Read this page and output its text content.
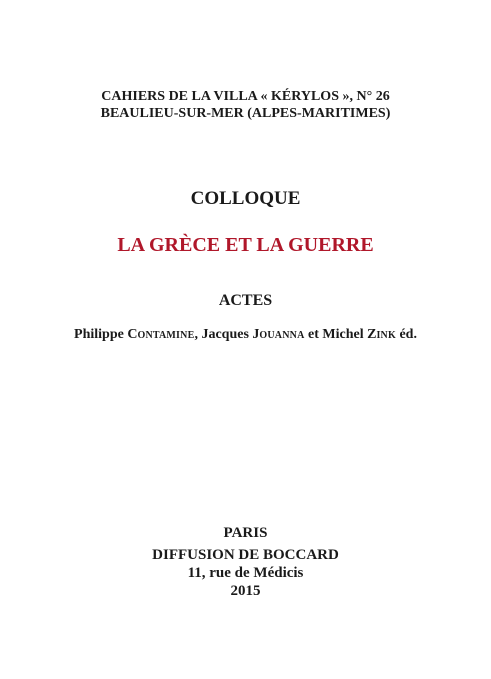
CAHIERS DE LA VILLA « KÉRYLOS », N° 26
BEAULIEU-SUR-MER (ALPES-MARITIMES)
COLLOQUE
LA GRÈCE ET LA GUERRE
ACTES
Philippe CONTAMINE, Jacques JOUANNA et Michel ZINK éd.
PARIS
DIFFUSION DE BOCCARD
11, rue de Médicis
2015
